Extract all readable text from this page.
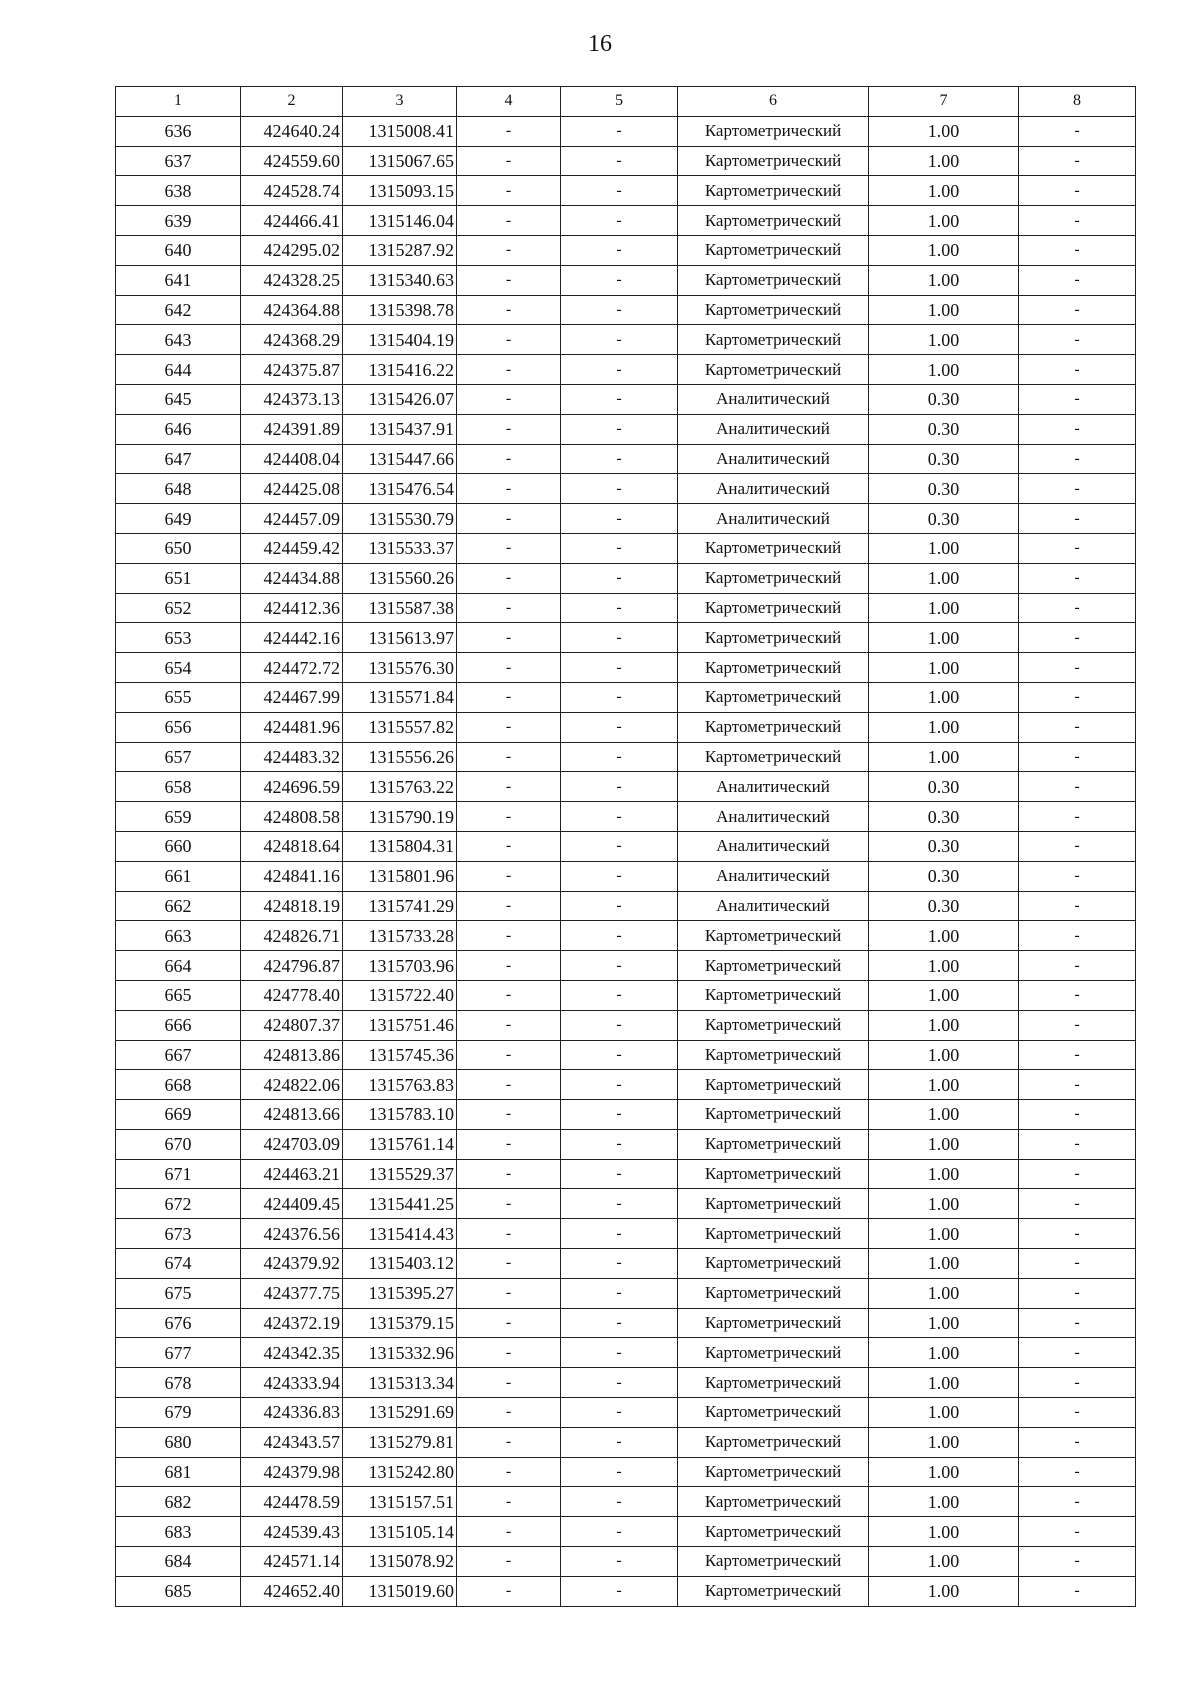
16
1	2	3	4	5	6	7	8
636	424640.24	1315008.41	-	-	Картометрический	1.00	-
637	424559.60	1315067.65	-	-	Картометрический	1.00	-
638	424528.74	1315093.15	-	-	Картометрический	1.00	-
639	424466.41	1315146.04	-	-	Картометрический	1.00	-
640	424295.02	1315287.92	-	-	Картометрический	1.00	-
641	424328.25	1315340.63	-	-	Картометрический	1.00	-
642	424364.88	1315398.78	-	-	Картометрический	1.00	-
643	424368.29	1315404.19	-	-	Картометрический	1.00	-
644	424375.87	1315416.22	-	-	Картометрический	1.00	-
645	424373.13	1315426.07	-	-	Аналитический	0.30	-
646	424391.89	1315437.91	-	-	Аналитический	0.30	-
647	424408.04	1315447.66	-	-	Аналитический	0.30	-
648	424425.08	1315476.54	-	-	Аналитический	0.30	-
649	424457.09	1315530.79	-	-	Аналитический	0.30	-
650	424459.42	1315533.37	-	-	Картометрический	1.00	-
651	424434.88	1315560.26	-	-	Картометрический	1.00	-
652	424412.36	1315587.38	-	-	Картометрический	1.00	-
653	424442.16	1315613.97	-	-	Картометрический	1.00	-
654	424472.72	1315576.30	-	-	Картометрический	1.00	-
655	424467.99	1315571.84	-	-	Картометрический	1.00	-
656	424481.96	1315557.82	-	-	Картометрический	1.00	-
657	424483.32	1315556.26	-	-	Картометрический	1.00	-
658	424696.59	1315763.22	-	-	Аналитический	0.30	-
659	424808.58	1315790.19	-	-	Аналитический	0.30	-
660	424818.64	1315804.31	-	-	Аналитический	0.30	-
661	424841.16	1315801.96	-	-	Аналитический	0.30	-
662	424818.19	1315741.29	-	-	Аналитический	0.30	-
663	424826.71	1315733.28	-	-	Картометрический	1.00	-
664	424796.87	1315703.96	-	-	Картометрический	1.00	-
665	424778.40	1315722.40	-	-	Картометрический	1.00	-
666	424807.37	1315751.46	-	-	Картометрический	1.00	-
667	424813.86	1315745.36	-	-	Картометрический	1.00	-
668	424822.06	1315763.83	-	-	Картометрический	1.00	-
669	424813.66	1315783.10	-	-	Картометрический	1.00	-
670	424703.09	1315761.14	-	-	Картометрический	1.00	-
671	424463.21	1315529.37	-	-	Картометрический	1.00	-
672	424409.45	1315441.25	-	-	Картометрический	1.00	-
673	424376.56	1315414.43	-	-	Картометрический	1.00	-
674	424379.92	1315403.12	-	-	Картометрический	1.00	-
675	424377.75	1315395.27	-	-	Картометрический	1.00	-
676	424372.19	1315379.15	-	-	Картометрический	1.00	-
677	424342.35	1315332.96	-	-	Картометрический	1.00	-
678	424333.94	1315313.34	-	-	Картометрический	1.00	-
679	424336.83	1315291.69	-	-	Картометрический	1.00	-
680	424343.57	1315279.81	-	-	Картометрический	1.00	-
681	424379.98	1315242.80	-	-	Картометрический	1.00	-
682	424478.59	1315157.51	-	-	Картометрический	1.00	-
683	424539.43	1315105.14	-	-	Картометрический	1.00	-
684	424571.14	1315078.92	-	-	Картометрический	1.00	-
685	424652.40	1315019.60	-	-	Картометрический	1.00	-
